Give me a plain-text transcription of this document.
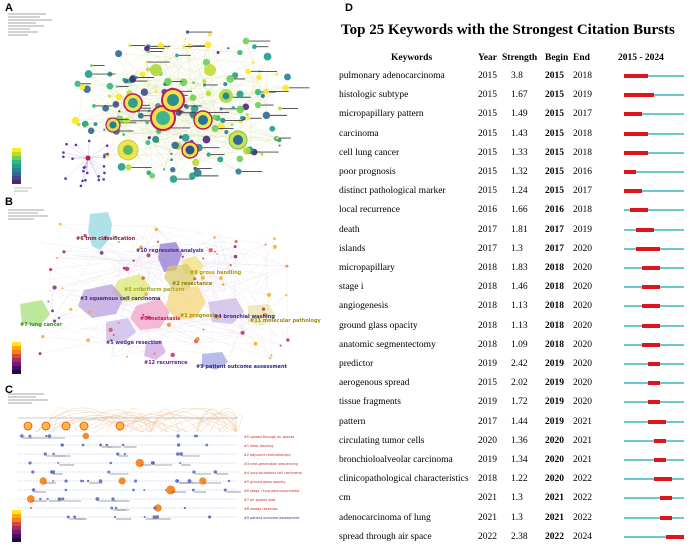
A
B
#6 tnm classification
#10 regression analysis
#5 cribriform pattern
#8 gross handling
#2 resectance
#3 squamous cell carcinoma
#0 metastasis #1 prognosis
#4 bronchial washing
#11 molecular pathology
#7 lung cancer
#5 wedge resection
#12 recurrence
#9 patient outcome assessment
C
#0 spread through air spaces
#1 deep learning
#2 adjuvant chemotherapy
#3 next-generation sequencing
#4 lung squamous cell carcinoma
#5 ground-glass opacity
#6 stage i lung adenocarcinoma
#7 air spaces stas
#8 wedge resection
#9 patient outcome assessment
D
Top 25 Keywords with the Strongest Citation Bursts
Keywords	Year Strength Begin End	2015 - 2024
pulmonary adenocarcinoma	2015 3.8 2015 2018
histologic subtype	2015 1.67 2015 2019
micropapillary pattern	2015 1.49 2015 2017
carcinoma	2015 1.43 2015 2018
cell lung cancer	2015 1.33 2015 2018
poor prognosis	2015 1.32 2015 2016
distinct pathological marker	2015 1.24 2015 2017
local recurrence	2016 1.66 2016 2018
death	2017 1.81 2017 2019
islands	2017 1.3 2017 2020
micropapillary	2018 1.83 2018 2020
stage i	2018 1.46 2018 2020
angiogenesis	2018 1.13 2018 2020
ground glass opacity	2018 1.13 2018 2020
anatomic segmentectomy	2018 1.09 2018 2020
predictor	2019 2.42 2019 2020
aerogenous spread	2015 2.02 2019 2020
tissue fragments	2019 1.72 2019 2020
pattern	2017 1.44 2019 2021
circulating tumor cells	2020 1.36 2020 2021
bronchioloalveolar carcinoma	2019 1.34 2020 2021
clinicopathological characteristics 2018 1.22 2020 2022
cm	2021 1.3 2021 2022
adenocarcinoma of lung	2021 1.3 2021 2022
spread through air space	2022 2.38 2022 2024
